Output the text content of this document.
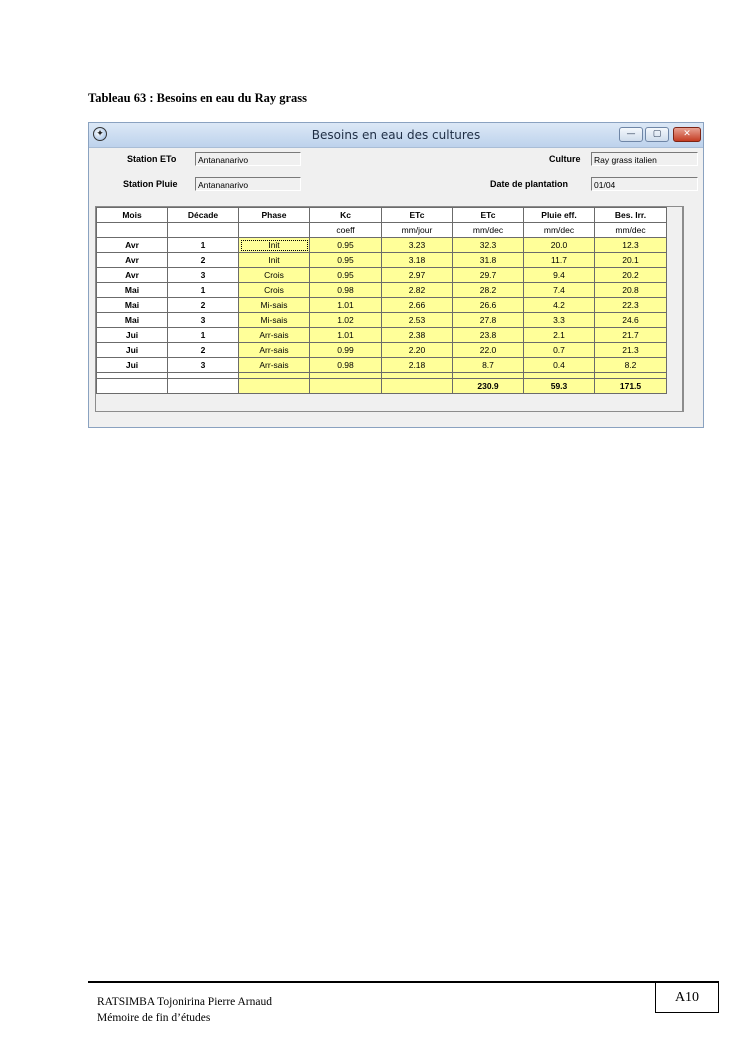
Tableau 63 : Besoins en eau du Ray grass
✦	Besoins en eau des cultures	—	▢	✕
Station ETo	Antananarivo
Station Pluie	Antananarivo
Culture	Ray grass italien
Date de plantation	01/04
Mois	Décade	Phase	Kc	ETc	ETc	Pluie eff.	Bes. Irr.
			coeff	mm/jour	mm/dec	mm/dec	mm/dec
Avr	1	Init	0.95	3.23	32.3	20.0	12.3
Avr	2	Init	0.95	3.18	31.8	11.7	20.1
Avr	3	Crois	0.95	2.97	29.7	9.4	20.2
Mai	1	Crois	0.98	2.82	28.2	7.4	20.8
Mai	2	Mi-sais	1.01	2.66	26.6	4.2	22.3
Mai	3	Mi-sais	1.02	2.53	27.8	3.3	24.6
Jui	1	Arr-sais	1.01	2.38	23.8	2.1	21.7
Jui	2	Arr-sais	0.99	2.20	22.0	0.7	21.3
Jui	3	Arr-sais	0.98	2.18	8.7	0.4	8.2

					230.9	59.3	171.5
RATSIMBA Tojonirina Pierre Arnaud
Mémoire de fin d’études
A10
